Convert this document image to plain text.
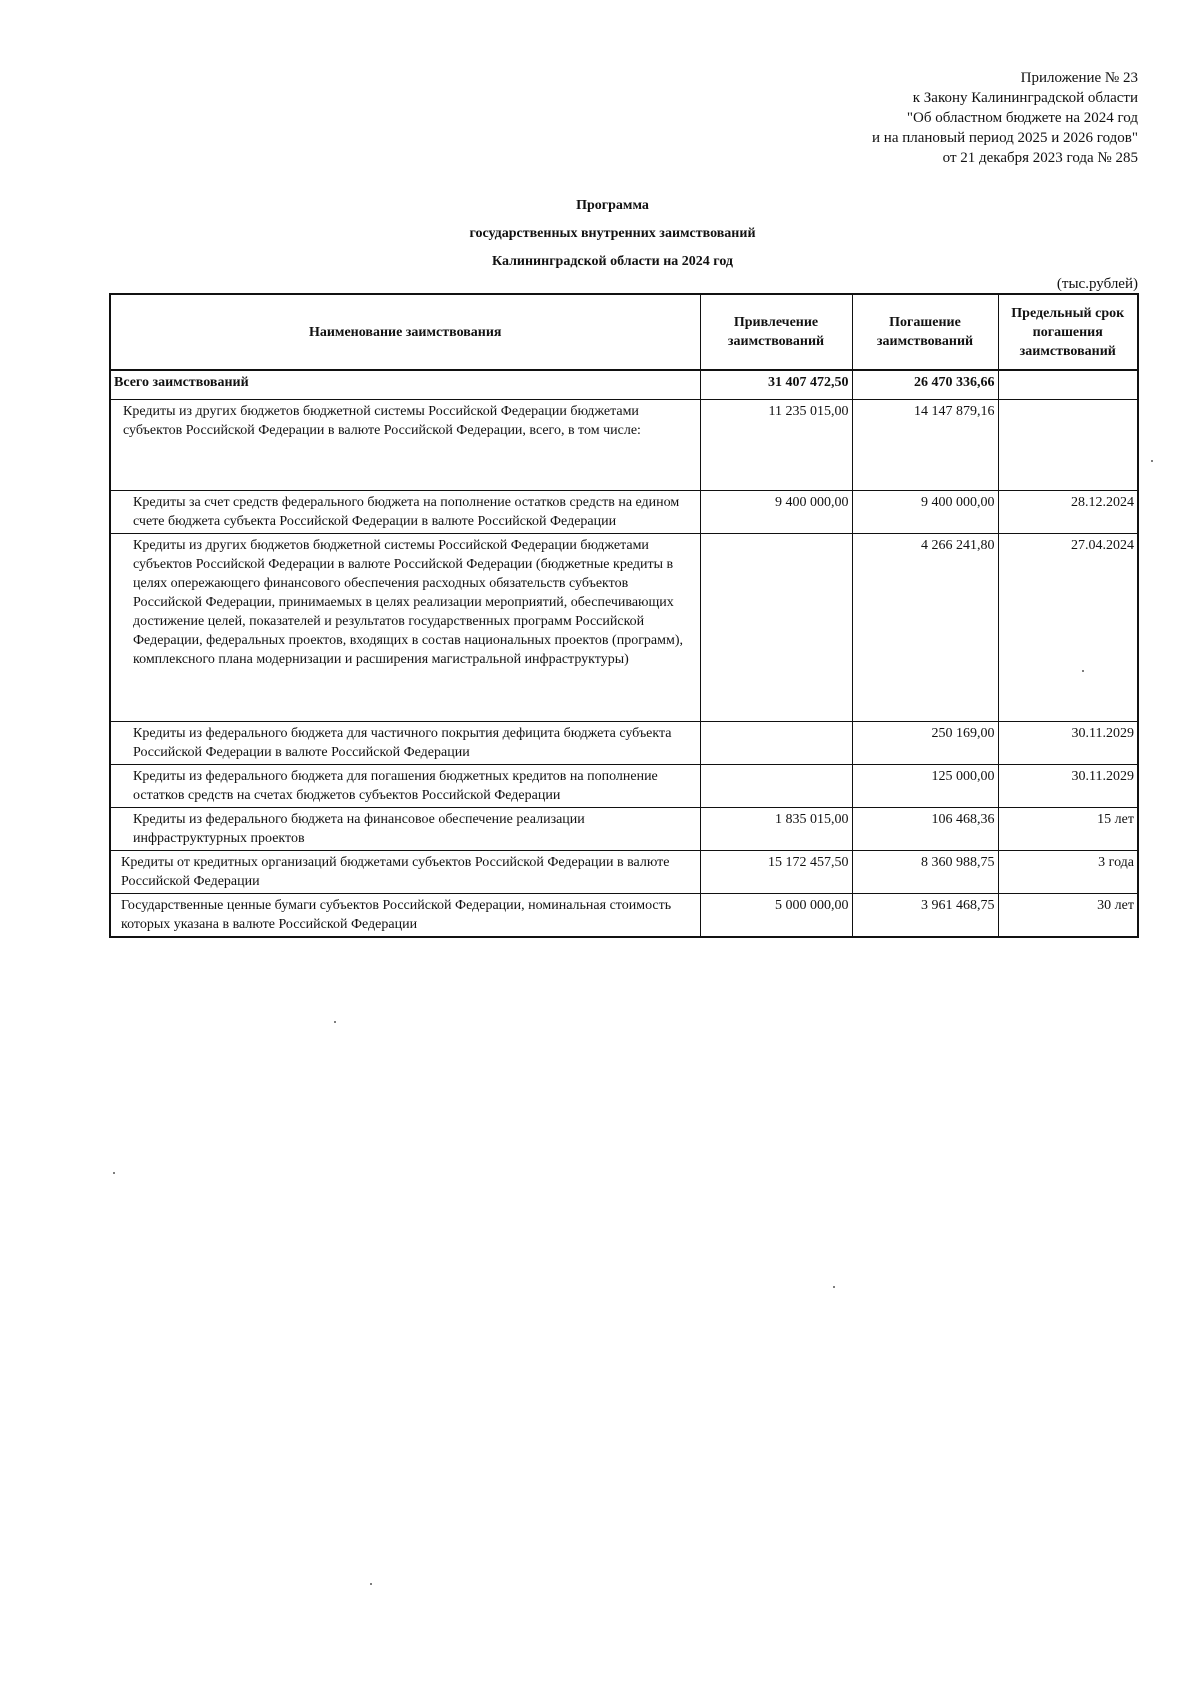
Приложение № 23
к Закону Калининградской области
"Об областном бюджете на 2024 год
и на плановый период 2025 и 2026 годов"
от 21 декабря 2023 года № 285
Программа
государственных внутренних заимствований
Калининградской области на 2024 год
(тыс.рублей)
Наименование заимствования	Привлечение заимствований	Погашение заимствований	Предельный срок погашения заимствований
Всего заимствований	31 407 472,50	26 470 336,66	
Кредиты из других бюджетов бюджетной системы Российской Федерации бюджетами субъектов Российской Федерации в валюте Российской Федерации, всего, в том числе:	11 235 015,00	14 147 879,16	
Кредиты за счет средств федерального бюджета на пополнение остатков средств на едином счете бюджета субъекта Российской Федерации в валюте Российской Федерации	9 400 000,00	9 400 000,00	28.12.2024
Кредиты из других бюджетов бюджетной системы Российской Федерации бюджетами субъектов Российской Федерации в валюте Российской Федерации (бюджетные кредиты в целях опережающего финансового обеспечения расходных обязательств субъектов Российской Федерации, принимаемых в целях реализации мероприятий, обеспечивающих достижение целей, показателей и результатов государственных программ Российской Федерации, федеральных проектов, входящих в состав национальных проектов (программ), комплексного плана модернизации и расширения магистральной инфраструктуры)		4 266 241,80	27.04.2024
Кредиты из федерального бюджета для частичного покрытия дефицита бюджета субъекта Российской Федерации в валюте Российской Федерации		250 169,00	30.11.2029
Кредиты из федерального бюджета для погашения бюджетных кредитов на пополнение остатков средств на счетах бюджетов субъектов Российской Федерации		125 000,00	30.11.2029
Кредиты из федерального бюджета на финансовое обеспечение реализации инфраструктурных проектов	1 835 015,00	106 468,36	15 лет
Кредиты от кредитных организаций бюджетами субъектов Российской Федерации в валюте Российской Федерации	15 172 457,50	8 360 988,75	3 года
Государственные ценные бумаги субъектов Российской Федерации, номинальная стоимость которых указана в валюте Российской Федерации	5 000 000,00	3 961 468,75	30 лет
